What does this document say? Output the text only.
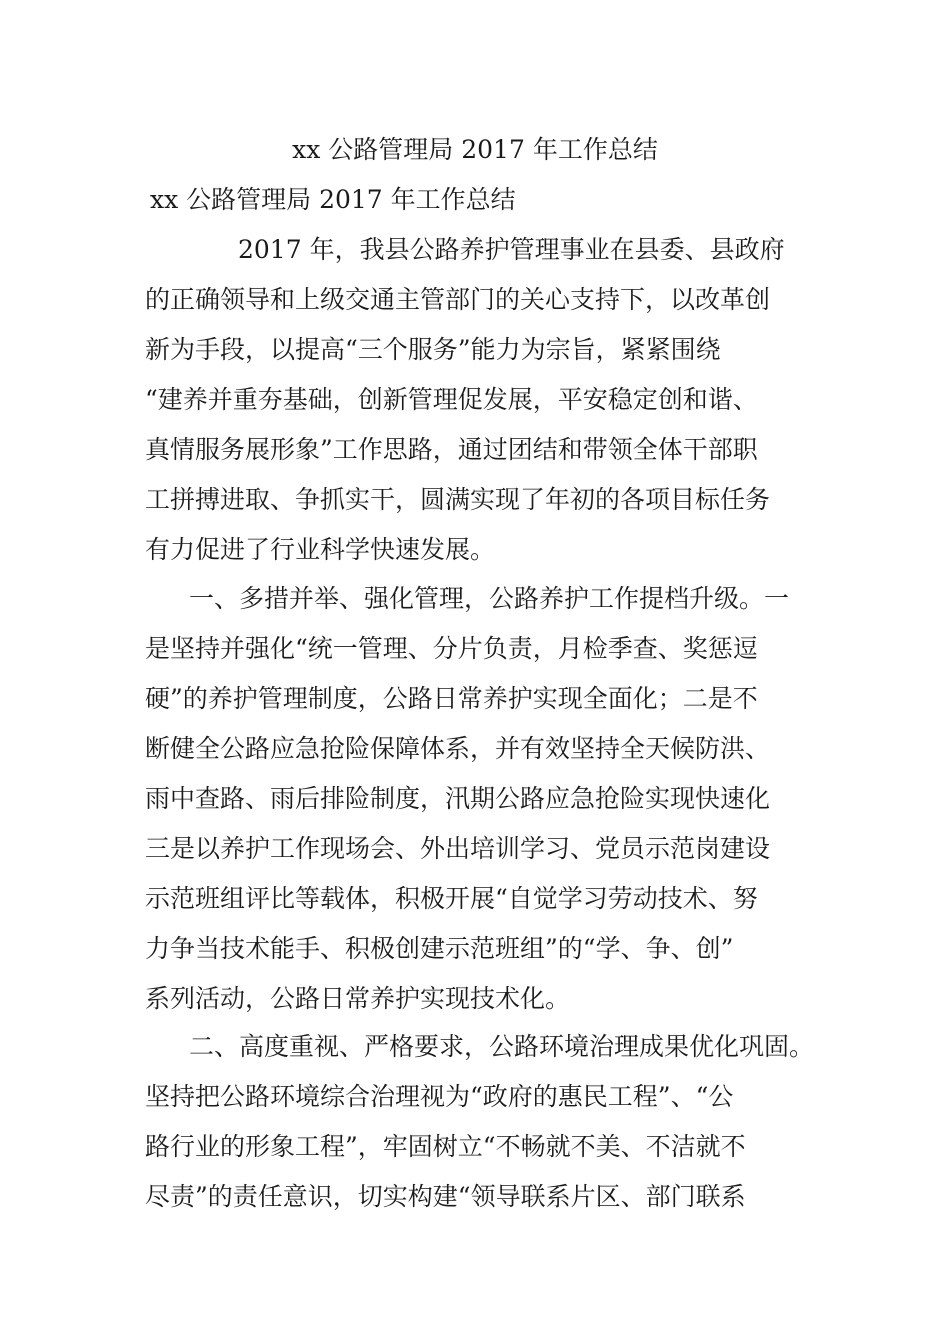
xx 公路管理局 2017 年工作总结
xx 公路管理局 2017 年工作总结
2017 年，我县公路养护管理事业在县委、县政府
的正确领导和上级交通主管部门的关心支持下，以改革创
新为手段，以提高“三个服务”能力为宗旨，紧紧围绕
“建养并重夯基础，创新管理促发展，平安稳定创和谐、
真情服务展形象”工作思路，通过团结和带领全体干部职
工拼搏进取、争抓实干，圆满实现了年初的各项目标任务
有力促进了行业科学快速发展。
一、多措并举、强化管理，公路养护工作提档升级。一
是坚持并强化“统一管理、分片负责，月检季查、奖惩逗
硬”的养护管理制度，公路日常养护实现全面化；二是不
断健全公路应急抢险保障体系，并有效坚持全天候防洪、
雨中查路、雨后排险制度，汛期公路应急抢险实现快速化
三是以养护工作现场会、外出培训学习、党员示范岗建设
示范班组评比等载体，积极开展“自觉学习劳动技术、努
力争当技术能手、积极创建示范班组”的“学、争、创”
系列活动，公路日常养护实现技术化。
二、高度重视、严格要求，公路环境治理成果优化巩固。
坚持把公路环境综合治理视为“政府的惠民工程”、“公
路行业的形象工程”，牢固树立“不畅就不美、不洁就不
尽责”的责任意识，切实构建“领导联系片区、部门联系
